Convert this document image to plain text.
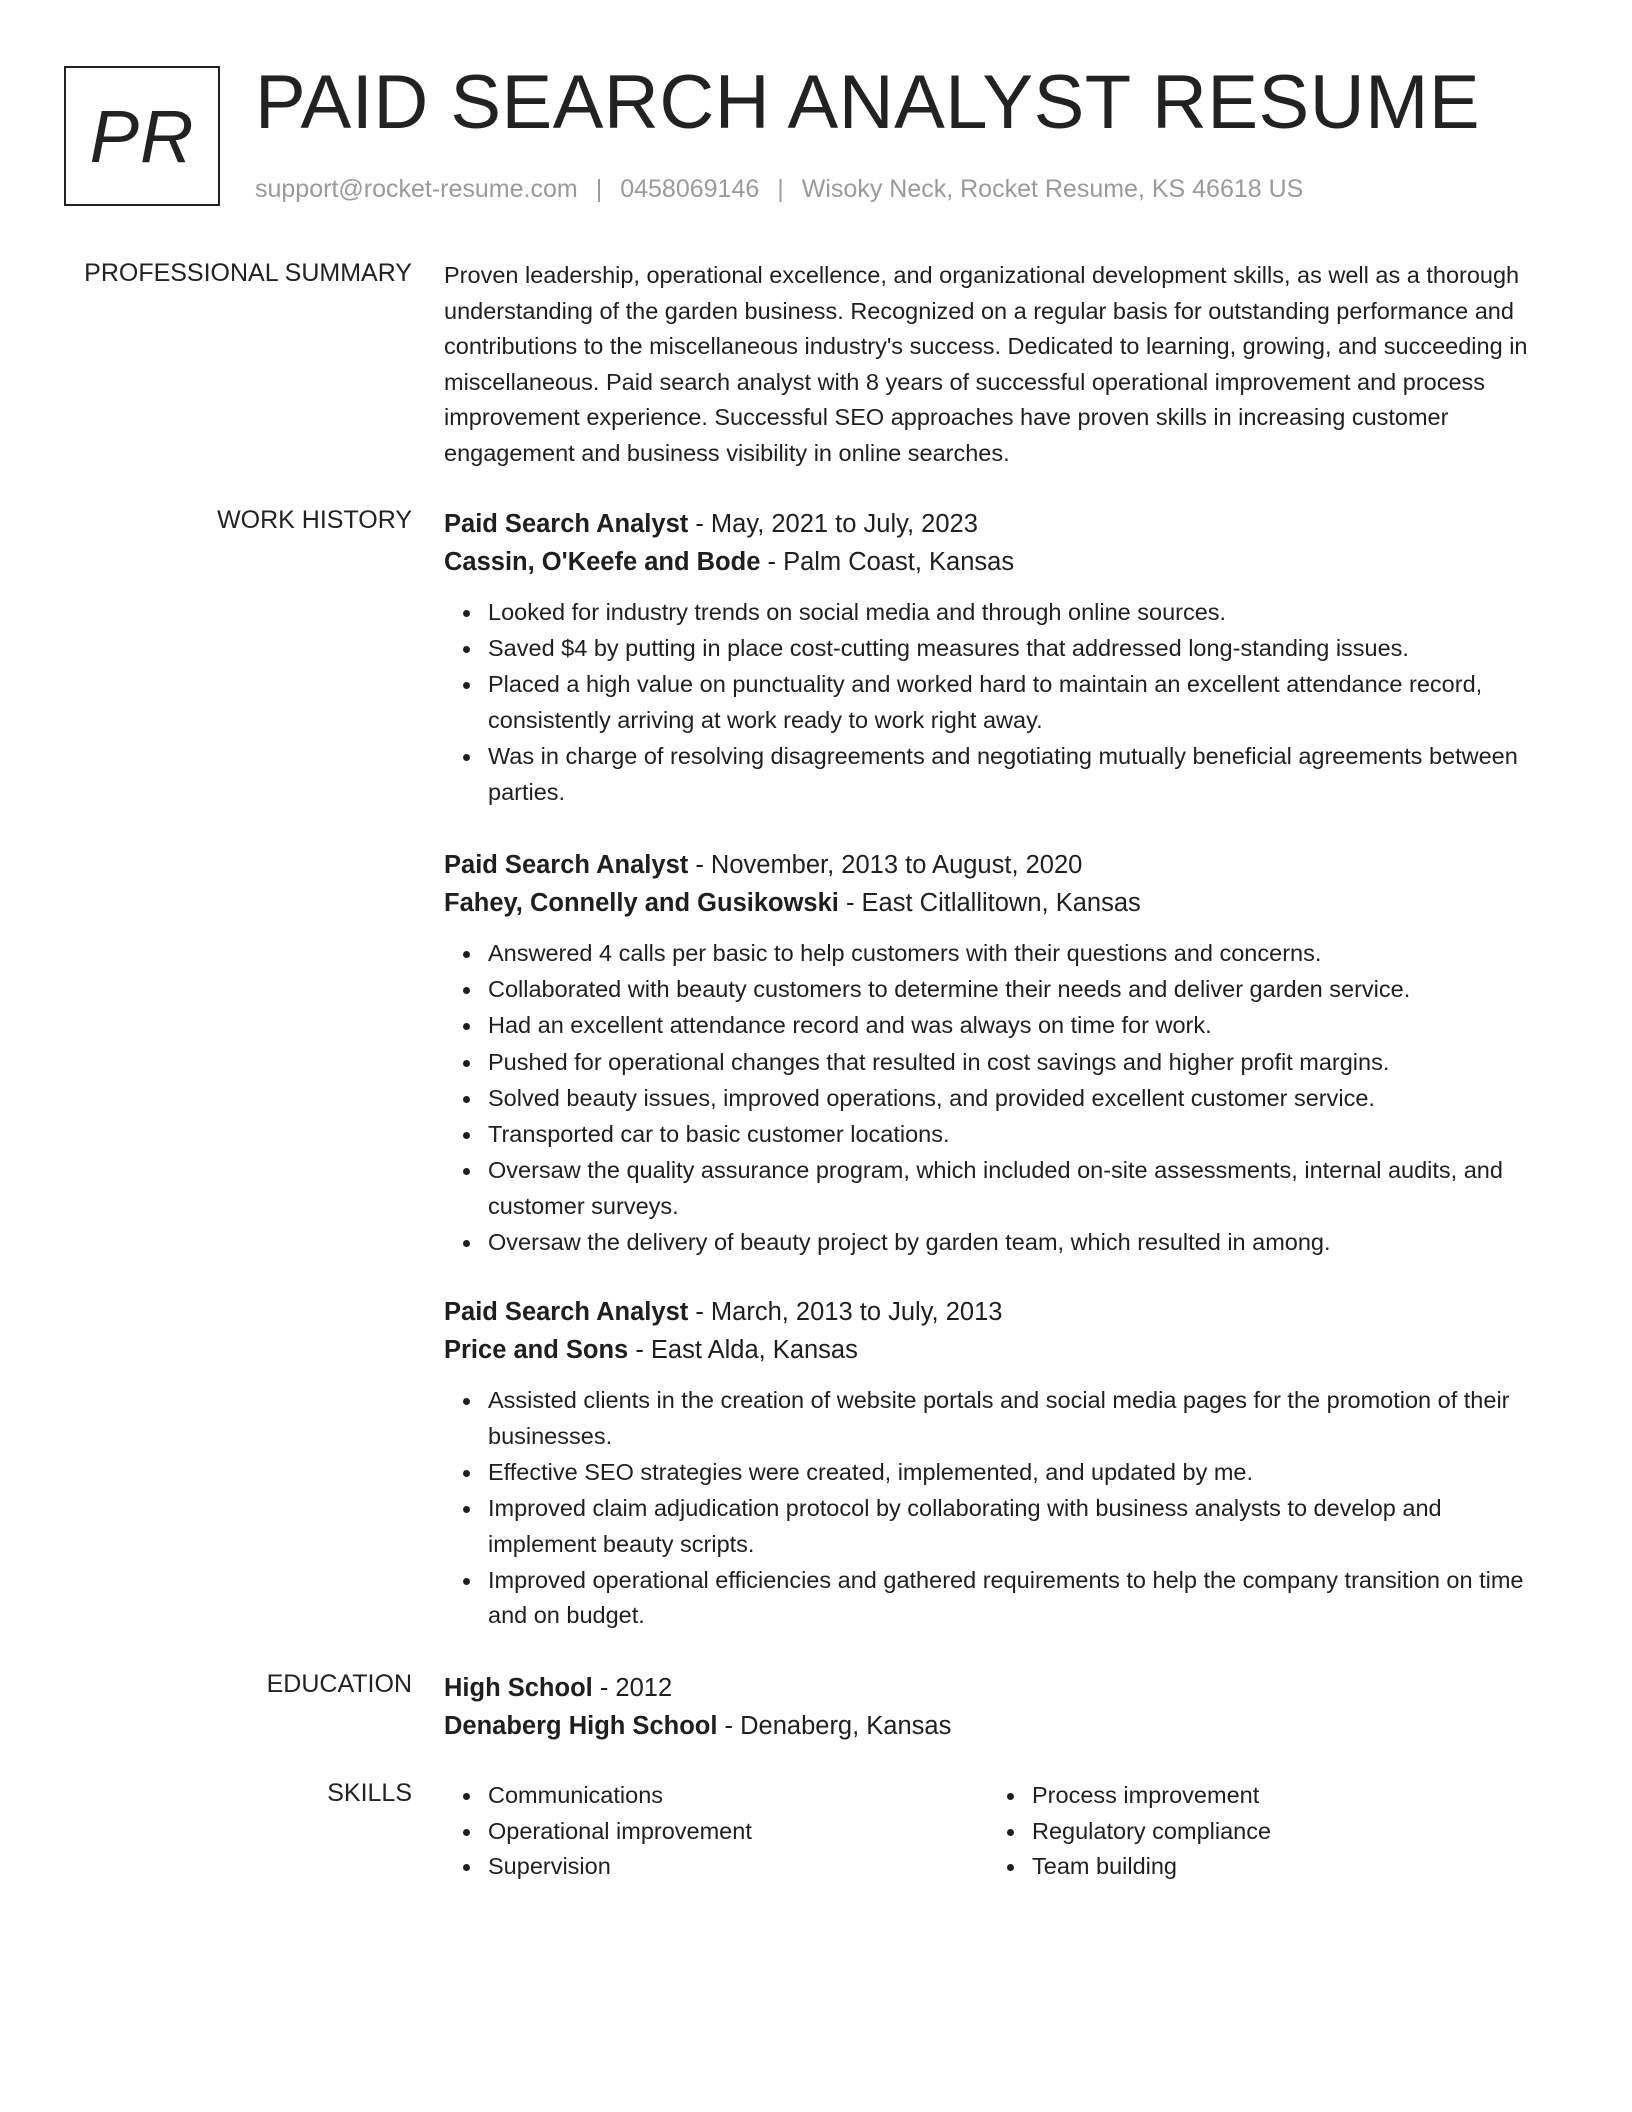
PR PAID SEARCH ANALYST RESUME
support@rocket-resume.com | 0458069146 | Wisoky Neck, Rocket Resume, KS 46618 US
PROFESSIONAL SUMMARY Proven leadership, operational excellence, and organizational development skills, as well as a thorough understanding of the garden business. Recognized on a regular basis for outstanding performance and contributions to the miscellaneous industry's success. Dedicated to learning, growing, and succeeding in miscellaneous. Paid search analyst with 8 years of successful operational improvement and process improvement experience. Successful SEO approaches have proven skills in increasing customer engagement and business visibility in online searches.

WORK HISTORY Paid Search Analyst - May, 2021 to July, 2023

Cassin, O'Keefe and Bode - Palm Coast, Kansas

Looked for industry trends on social media and through online sources.
Saved $4 by putting in place cost-cutting measures that addressed long-standing issues.
Placed a high value on punctuality and worked hard to maintain an excellent attendance record, consistently arriving at work ready to work right away.
Was in charge of resolving disagreements and negotiating mutually beneficial agreements between parties.

Paid Search Analyst - November, 2013 to August, 2020

Fahey, Connelly and Gusikowski - East Citlallitown, Kansas

Answered 4 calls per basic to help customers with their questions and concerns.
Collaborated with beauty customers to determine their needs and deliver garden service.
Had an excellent attendance record and was always on time for work.
Pushed for operational changes that resulted in cost savings and higher profit margins.
Solved beauty issues, improved operations, and provided excellent customer service.
Transported car to basic customer locations.
Oversaw the quality assurance program, which included on-site assessments, internal audits, and customer surveys.
Oversaw the delivery of beauty project by garden team, which resulted in among.

Paid Search Analyst - March, 2013 to July, 2013

Price and Sons - East Alda, Kansas

Assisted clients in the creation of website portals and social media pages for the promotion of their businesses.
Effective SEO strategies were created, implemented, and updated by me.
Improved claim adjudication protocol by collaborating with business analysts to develop and implement beauty scripts.
Improved operational efficiencies and gathered requirements to help the company transition on time and on budget.
EDUCATION High School - 2012

Denaberg High School - Denaberg, Kansas

SKILLS	Communications
Operational improvement
Supervision
Process improvement
Regulatory compliance
Team building
